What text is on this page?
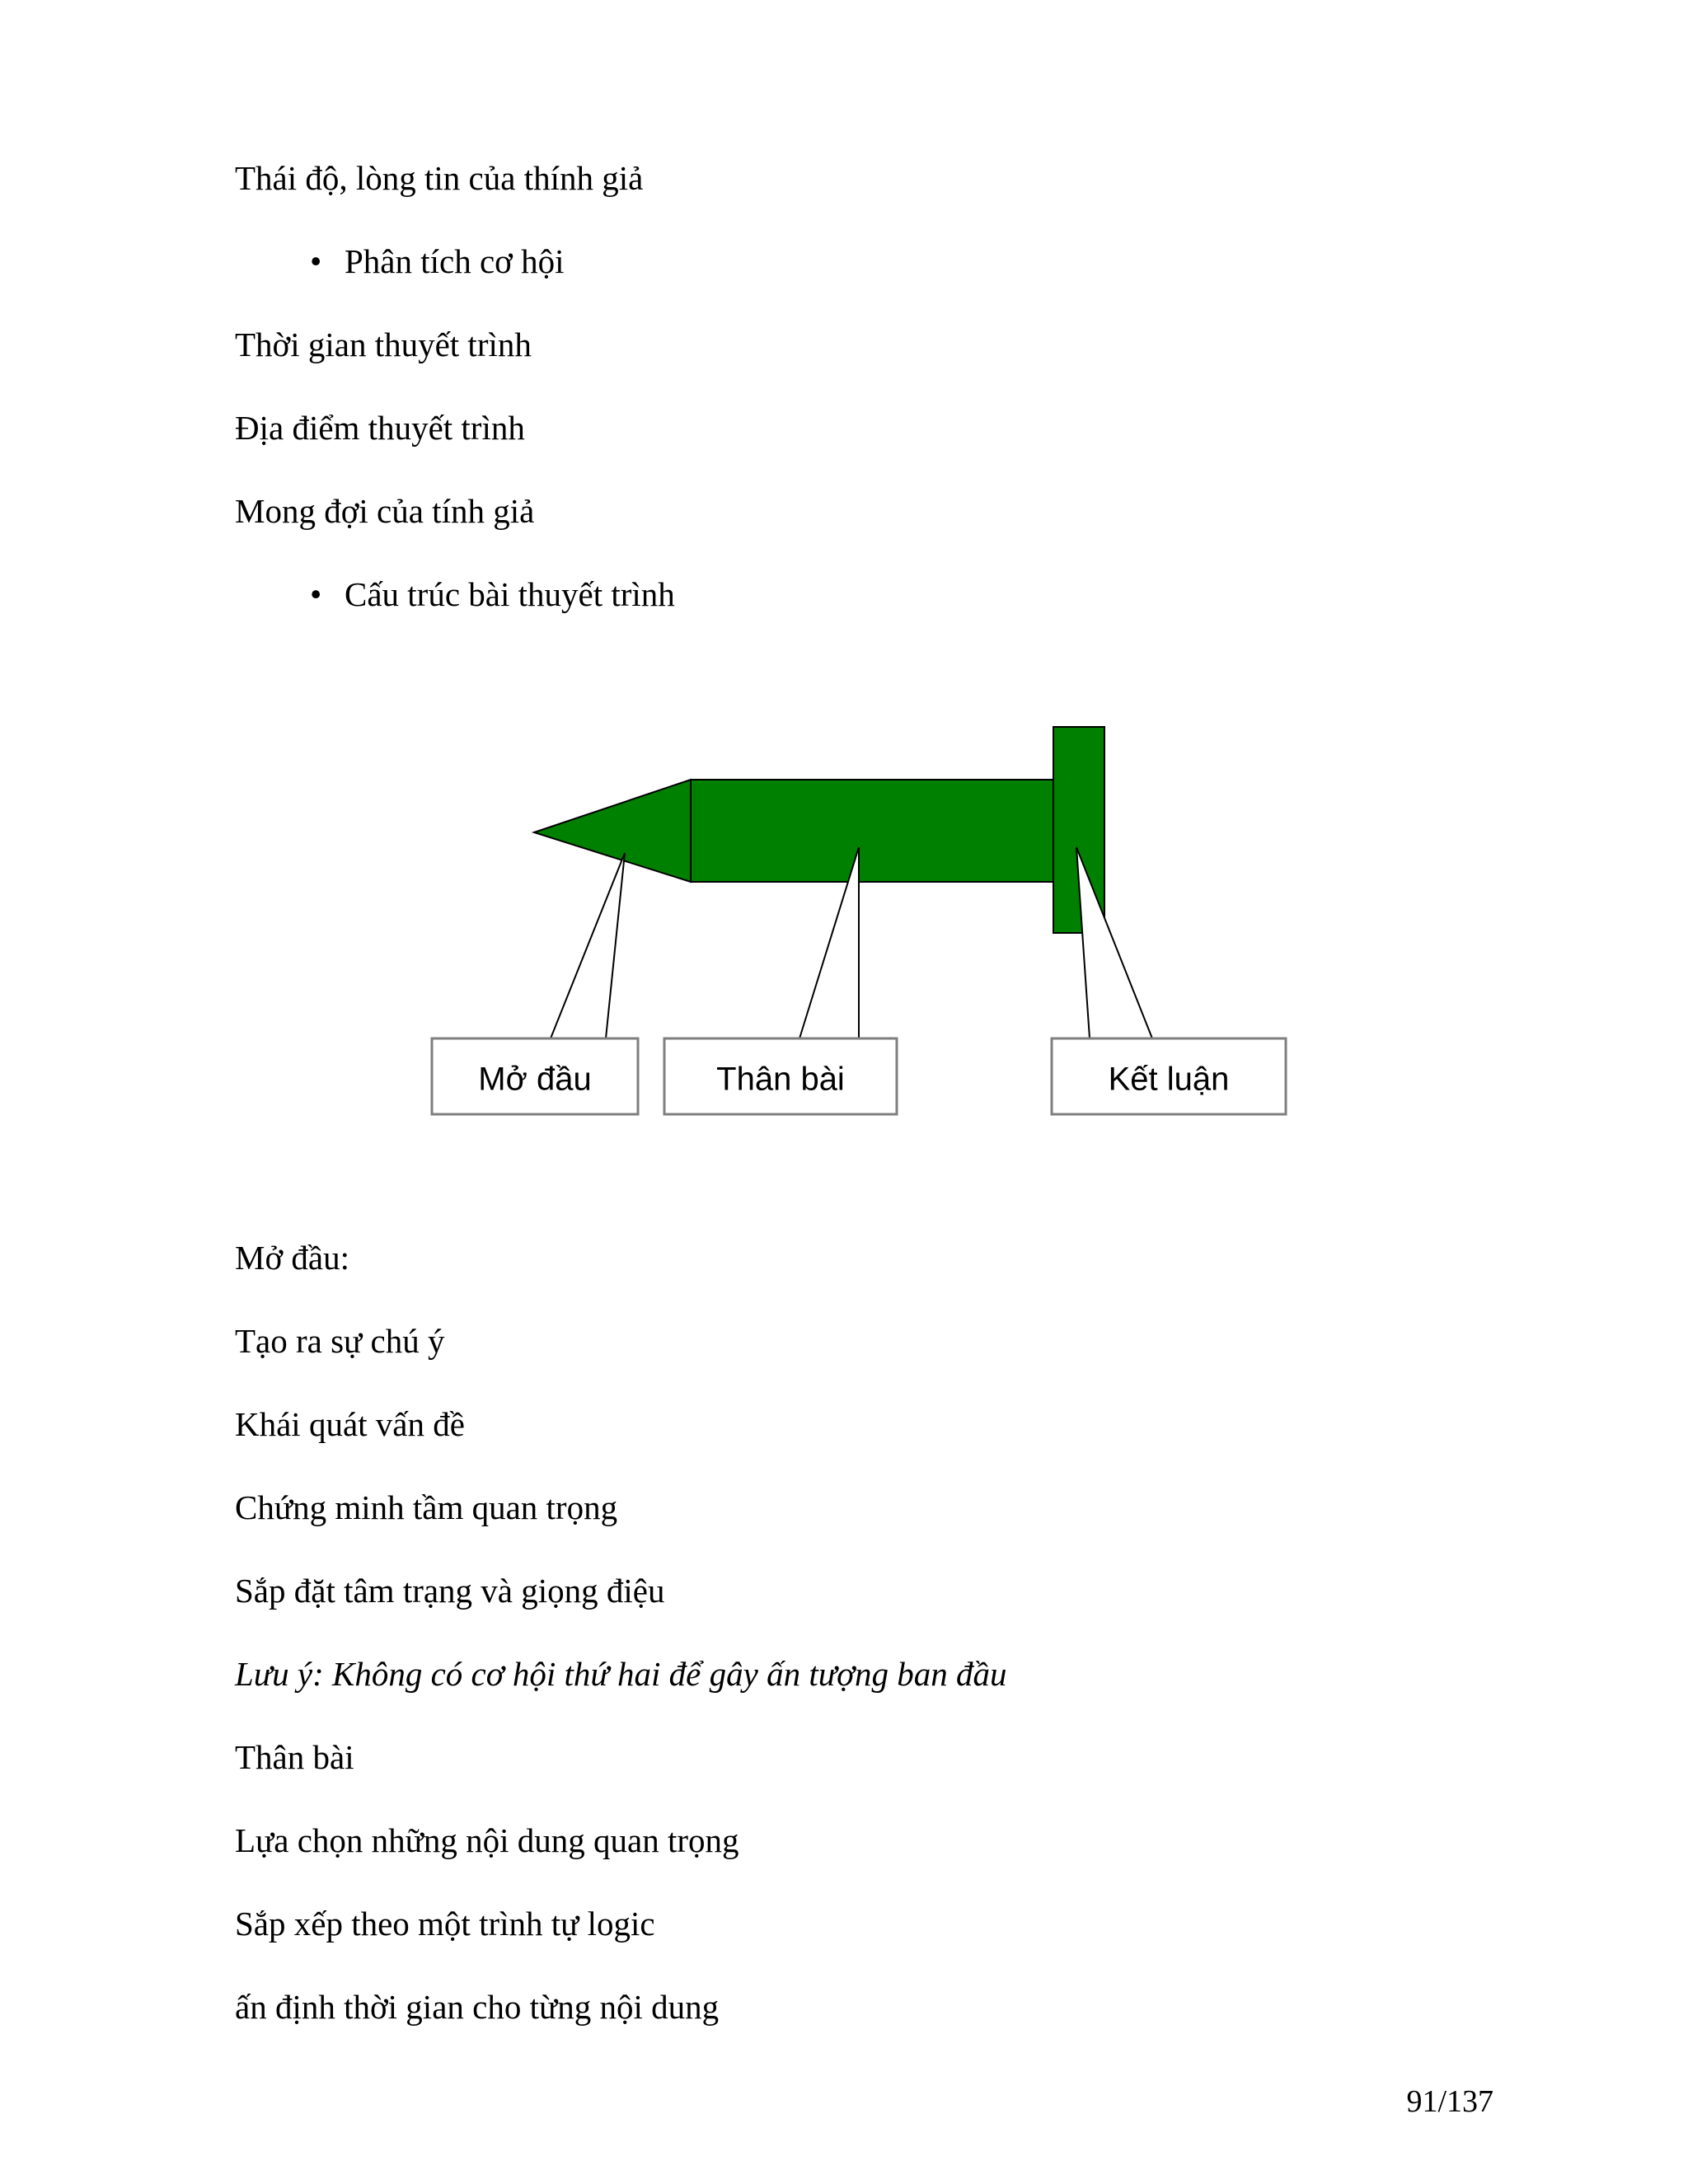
Thái độ, lòng tin của thính giả
• Phân tích cơ hội
Thời gian thuyết trình
Địa điểm thuyết trình
Mong đợi của tính giả
• Cấu trúc bài thuyết trình
Mở đầu	Thân bài	Kết luận
Mở đầu:
Tạo ra sự chú ý
Khái quát vấn đề
Chứng minh tầm quan trọng
Sắp đặt tâm trạng và giọng điệu
Lưu ý: Không có cơ hội thứ hai để gây ấn tượng ban đầu
Thân bài
Lựa chọn những nội dung quan trọng
Sắp xếp theo một trình tự logic
ấn định thời gian cho từng nội dung
91/137
